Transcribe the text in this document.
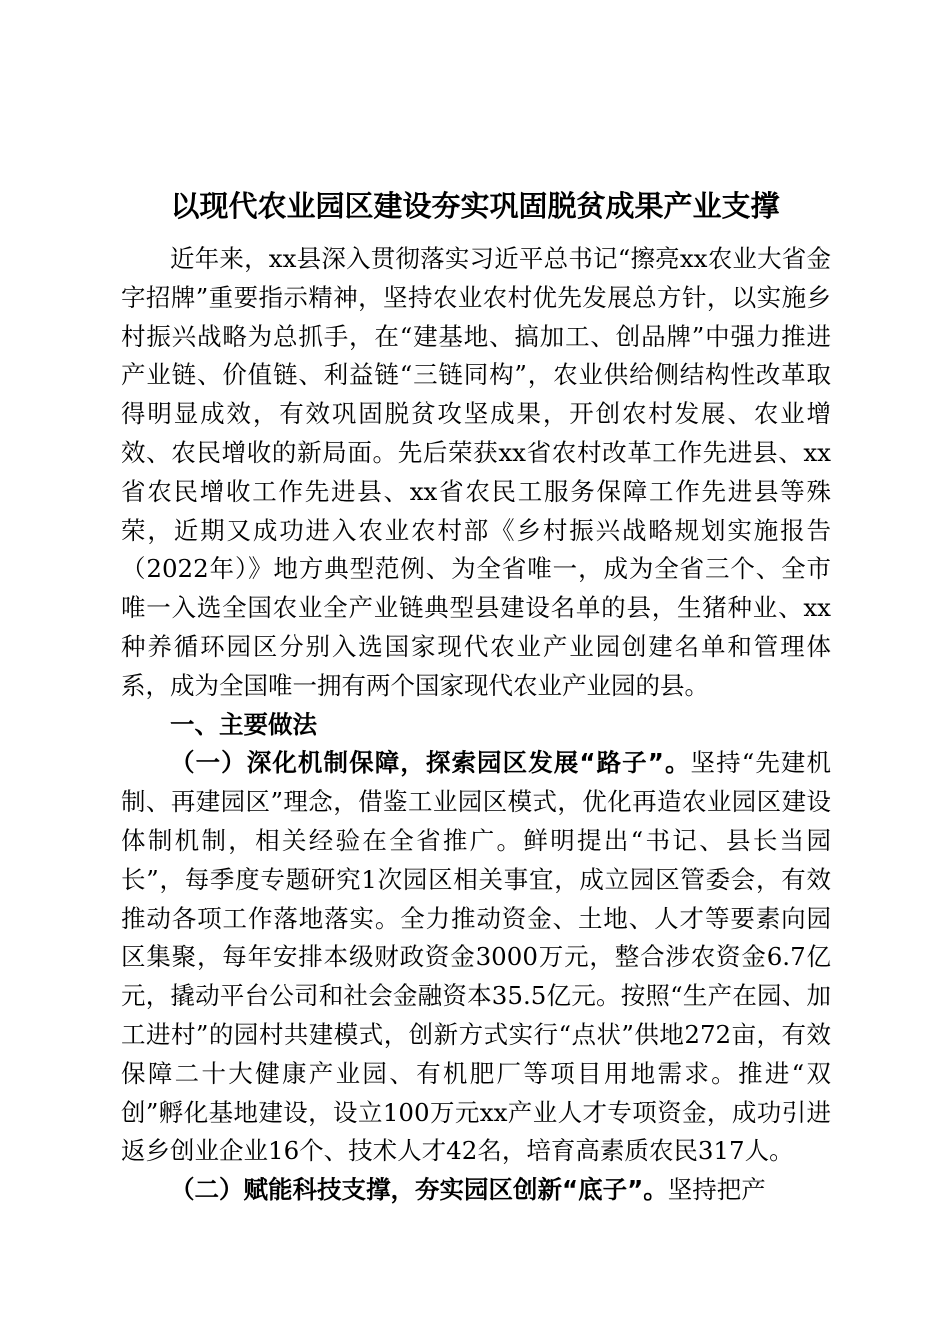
以现代农业园区建设夯实巩固脱贫成果产业支撑

近年来，xx县深入贯彻落实习近平总书记“擦亮xx农业大省金字招牌”重要指示精神，坚持农业农村优先发展总方针，以实施乡村振兴战略为总抓手，在“建基地、搞加工、创品牌”中强力推进产业链、价值链、利益链“三链同构”，农业供给侧结构性改革取得明显成效，有效巩固脱贫攻坚成果，开创农村发展、农业增效、农民增收的新局面。先后荣获xx省农村改革工作先进县、xx省农民增收工作先进县、xx省农民工服务保障工作先进县等殊荣，近期又成功进入农业农村部《乡村振兴战略规划实施报告（2022年）》地方典型范例、为全省唯一，成为全省三个、全市唯一入选全国农业全产业链典型县建设名单的县，生猪种业、xx种养循环园区分别入选国家现代农业产业园创建名单和管理体系，成为全国唯一拥有两个国家现代农业产业园的县。

一、主要做法

（一）深化机制保障，探索园区发展“路子”。坚持“先建机制、再建园区”理念，借鉴工业园区模式，优化再造农业园区建设体制机制，相关经验在全省推广。鲜明提出“书记、县长当园长”，每季度专题研究1次园区相关事宜，成立园区管委会，有效推动各项工作落地落实。全力推动资金、土地、人才等要素向园区集聚，每年安排本级财政资金3000万元，整合涉农资金6.7亿元，撬动平台公司和社会金融资本35.5亿元。按照“生产在园、加工进村”的园村共建模式，创新方式实行“点状”供地272亩，有效保障二十大健康产业园、有机肥厂等项目用地需求。推进“双创”孵化基地建设，设立100万元xx产业人才专项资金，成功引进返乡创业企业16个、技术人才42名，培育高素质农民317人。

（二）赋能科技支撑，夯实园区创新“底子”。坚持把产
